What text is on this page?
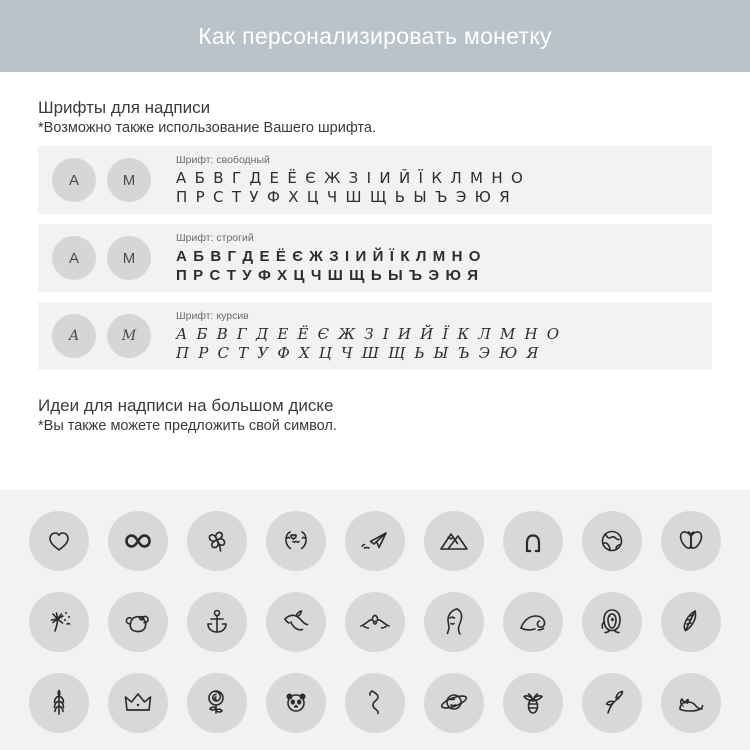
Как персонализировать монетку
Шрифты для надписи
*Возможно также использование Вашего шрифта.
А	М
Шрифт: свободный
А Б В Г Д Е Ё Є Ж З І И Й Ї К Л М Н О
П Р С Т У Ф Х Ц Ч Ш Щ Ь Ы Ъ Э Ю Я
А	М
Шрифт: строгий
А Б В Г Д Е Ё Є Ж З І И Й Ї К Л М Н О
П Р С Т У Ф Х Ц Ч Ш Щ Ь Ы Ъ Э Ю Я
А	М
Шрифт: курсив
А Б В Г Д Е Ё Є Ж З І И Й Ї К Л М Н О
П Р С Т У Ф Х Ц Ч Ш Щ Ь Ы Ъ Э Ю Я
Идеи для надписи на большом диске
*Вы также можете предложить свой символ.
